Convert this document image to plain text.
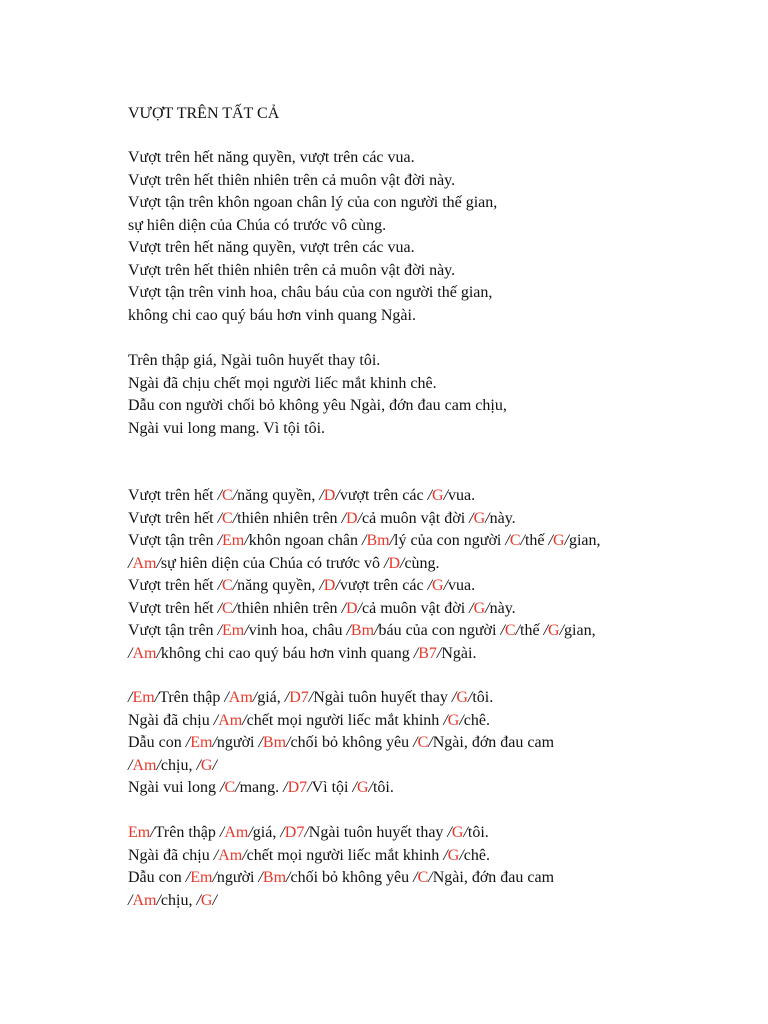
VƯỢT TRÊN TẤT CẢ
Vượt trên hết năng quyền, vượt trên các vua.
Vượt trên hết thiên nhiên trên cả muôn vật đời này.
Vượt tận trên khôn ngoan chân lý của con người thế gian,
sự hiên diện của Chúa có trước vô cùng.
Vượt trên hết năng quyền, vượt trên các vua.
Vượt trên hết thiên nhiên trên cả muôn vật đời này.
Vượt tận trên vinh hoa, châu báu của con người thế gian,
không chi cao quý báu hơn vinh quang Ngài.
Trên thập giá, Ngài tuôn huyết thay tôi.
Ngài đã chịu chết mọi người liếc mắt khinh chê.
Dẫu con người chối bỏ không yêu Ngài, đớn đau cam chịu,
Ngài vui long mang. Vì tội tôi.
Vượt trên hết /C/năng quyền, /D/vượt trên các /G/vua.
Vượt trên hết /C/thiên nhiên trên /D/cả muôn vật đời /G/này.
Vượt tận trên /Em/khôn ngoan chân /Bm/lý của con người /C/thế /G/gian,
/Am/sự hiên diện của Chúa có trước vô /D/cùng.
Vượt trên hết /C/năng quyền, /D/vượt trên các /G/vua.
Vượt trên hết /C/thiên nhiên trên /D/cả muôn vật đời /G/này.
Vượt tận trên /Em/vinh hoa, châu /Bm/báu của con người /C/thế /G/gian,
/Am/không chi cao quý báu hơn vinh quang /B7/Ngài.
/Em/Trên thập /Am/giá, /D7/Ngài tuôn huyết thay /G/tôi.
Ngài đã chịu /Am/chết mọi người liếc mắt khinh /G/chê.
Dẫu con /Em/người /Bm/chối bỏ không yêu /C/Ngài, đớn đau cam
/Am/chịu, /G/
Ngài vui long /C/mang. /D7/Vì tội /G/tôi.
Em/Trên thập /Am/giá, /D7/Ngài tuôn huyết thay /G/tôi.
Ngài đã chịu /Am/chết mọi người liếc mắt khinh /G/chê.
Dẫu con /Em/người /Bm/chối bỏ không yêu /C/Ngài, đớn đau cam
/Am/chịu, /G/
